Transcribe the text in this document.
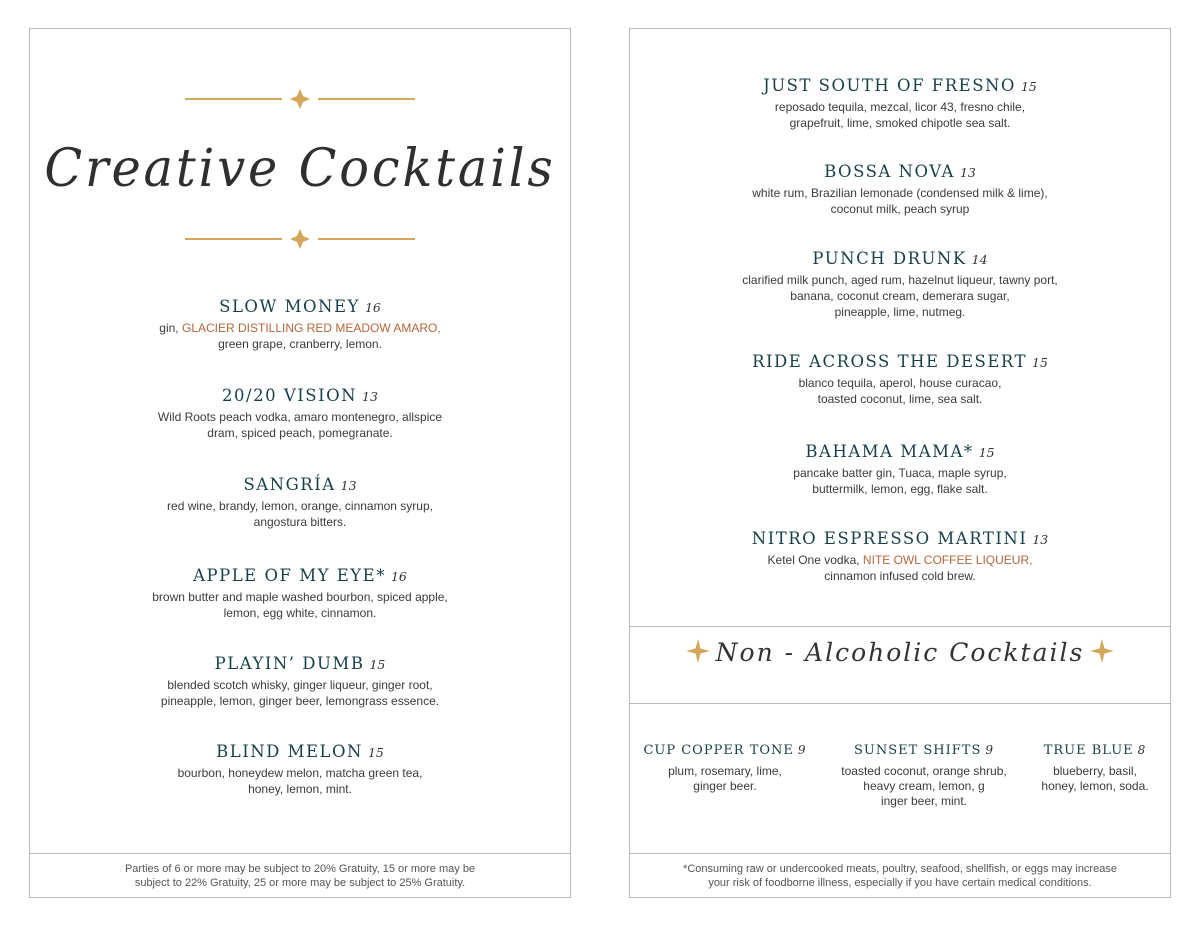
Creative Cocktails
SLOW MONEY 16
gin, GLACIER DISTILLING RED MEADOW AMARO,
green grape, cranberry, lemon.
20/20 VISION 13
Wild Roots peach vodka, amaro montenegro, allspice
dram, spiced peach, pomegranate.
SANGRÍA 13
red wine, brandy, lemon, orange, cinnamon syrup,
angostura bitters.
APPLE OF MY EYE* 16
brown butter and maple washed bourbon, spiced apple,
lemon, egg white, cinnamon.
PLAYIN’ DUMB 15
blended scotch whisky, ginger liqueur, ginger root,
pineapple, lemon, ginger beer, lemongrass essence.
BLIND MELON 15
bourbon, honeydew melon, matcha green tea,
honey, lemon, mint.
Parties of 6 or more may be subject to 20% Gratuity, 15 or more may be
subject to 22% Gratuity, 25 or more may be subject to 25% Gratuity.
JUST SOUTH OF FRESNO 15
reposado tequila, mezcal, licor 43, fresno chile,
grapefruit, lime, smoked chipotle sea salt.
BOSSA NOVA 13
white rum, Brazilian lemonade (condensed milk & lime),
coconut milk, peach syrup
PUNCH DRUNK 14
clarified milk punch, aged rum, hazelnut liqueur, tawny port,
banana, coconut cream, demerara sugar,
pineapple, lime, nutmeg.
RIDE ACROSS THE DESERT 15
blanco tequila, aperol, house curacao,
toasted coconut, lime, sea salt.
BAHAMA MAMA* 15
pancake batter gin, Tuaca, maple syrup,
buttermilk, lemon, egg, flake salt.
NITRO ESPRESSO MARTINI 13
Ketel One vodka, NITE OWL COFFEE LIQUEUR,
cinnamon infused cold brew.
Non - Alcoholic Cocktails
CUP COPPER TONE 9
plum, rosemary, lime,
ginger beer.
SUNSET SHIFTS 9
toasted coconut, orange shrub,
heavy cream, lemon, g
inger beer, mint.
TRUE BLUE 8
blueberry, basil,
honey, lemon, soda.
*Consuming raw or undercooked meats, poultry, seafood, shellfish, or eggs may increase
your risk of foodborne illness, especially if you have certain medical conditions.
